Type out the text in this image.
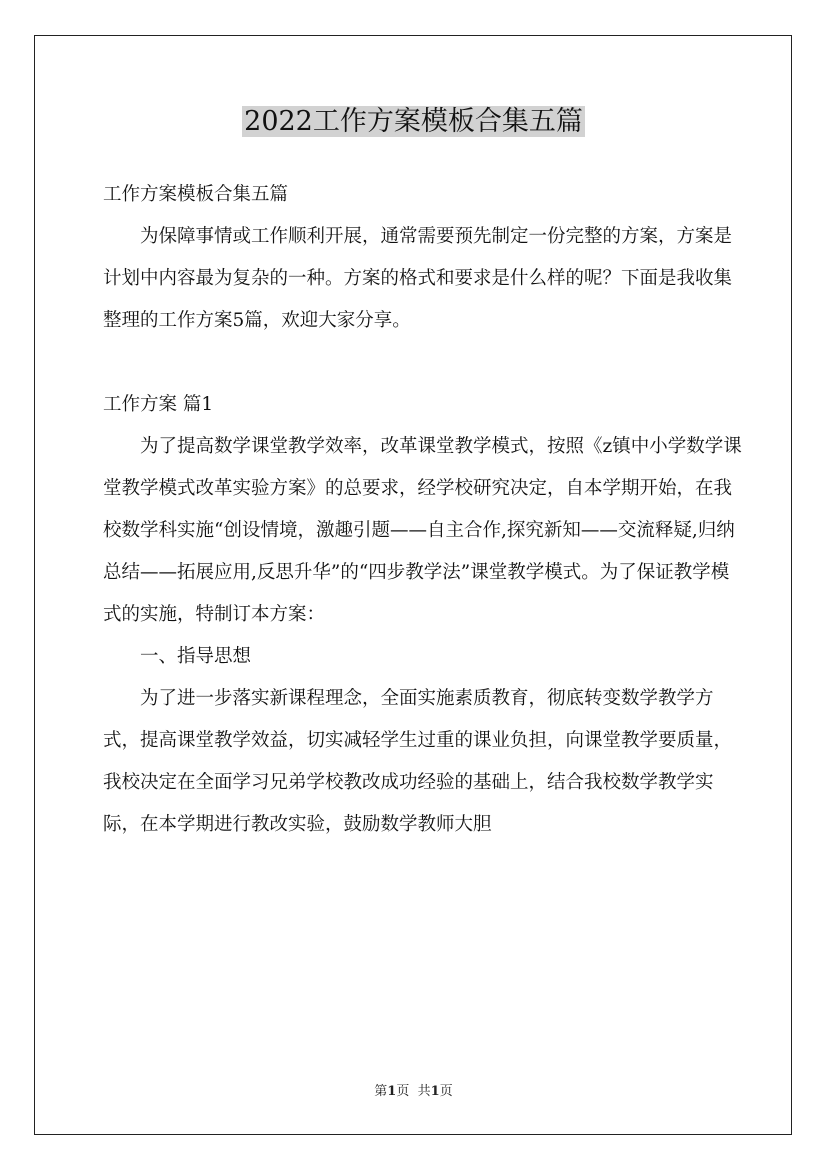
2022工作方案模板合集五篇

工作方案模板合集五篇

为保障事情或工作顺利开展，通常需要预先制定一份完整的方案，方案是计划中内容最为复杂的一种。方案的格式和要求是什么样的呢？下面是我收集整理的工作方案5篇，欢迎大家分享。

工作方案 篇1

为了提高数学课堂教学效率，改革课堂教学模式，按照《z镇中小学数学课堂教学模式改革实验方案》的总要求，经学校研究决定，自本学期开始，在我校数学科实施“创设情境，激趣引题——自主合作,探究新知——交流释疑,归纳总结——拓展应用,反思升华”的“四步教学法”课堂教学模式。为了保证教学模式的实施，特制订本方案：

一、指导思想

为了进一步落实新课程理念，全面实施素质教育，彻底转变数学教学方式，提高课堂教学效益，切实减轻学生过重的课业负担，向课堂教学要质量，我校决定在全面学习兄弟学校教改成功经验的基础上，结合我校数学教学实际，在本学期进行教改实验，鼓励数学教师大胆

第1页 共1页
